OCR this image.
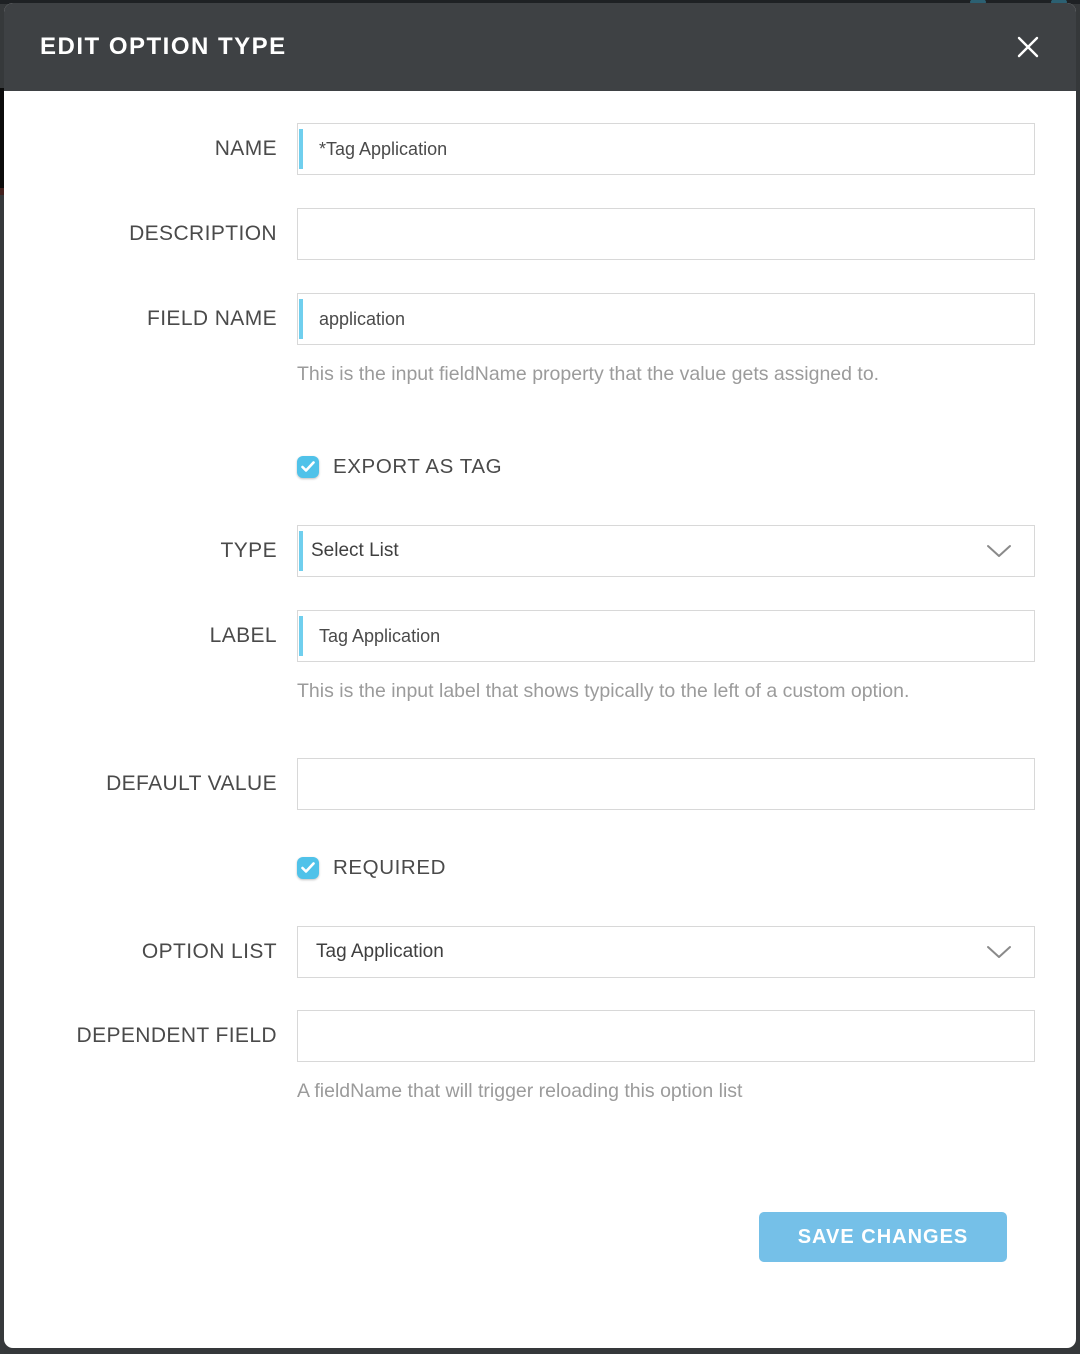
EDIT OPTION TYPE
NAME
*Tag Application
DESCRIPTION
FIELD NAME
application
This is the input fieldName property that the value gets assigned to.
EXPORT AS TAG
TYPE	Select List
LABEL
Tag Application
This is the input label that shows typically to the left of a custom option.
DEFAULT VALUE
REQUIRED
OPTION LIST	Tag Application
DEPENDENT FIELD
A fieldName that will trigger reloading this option list
SAVE CHANGES
